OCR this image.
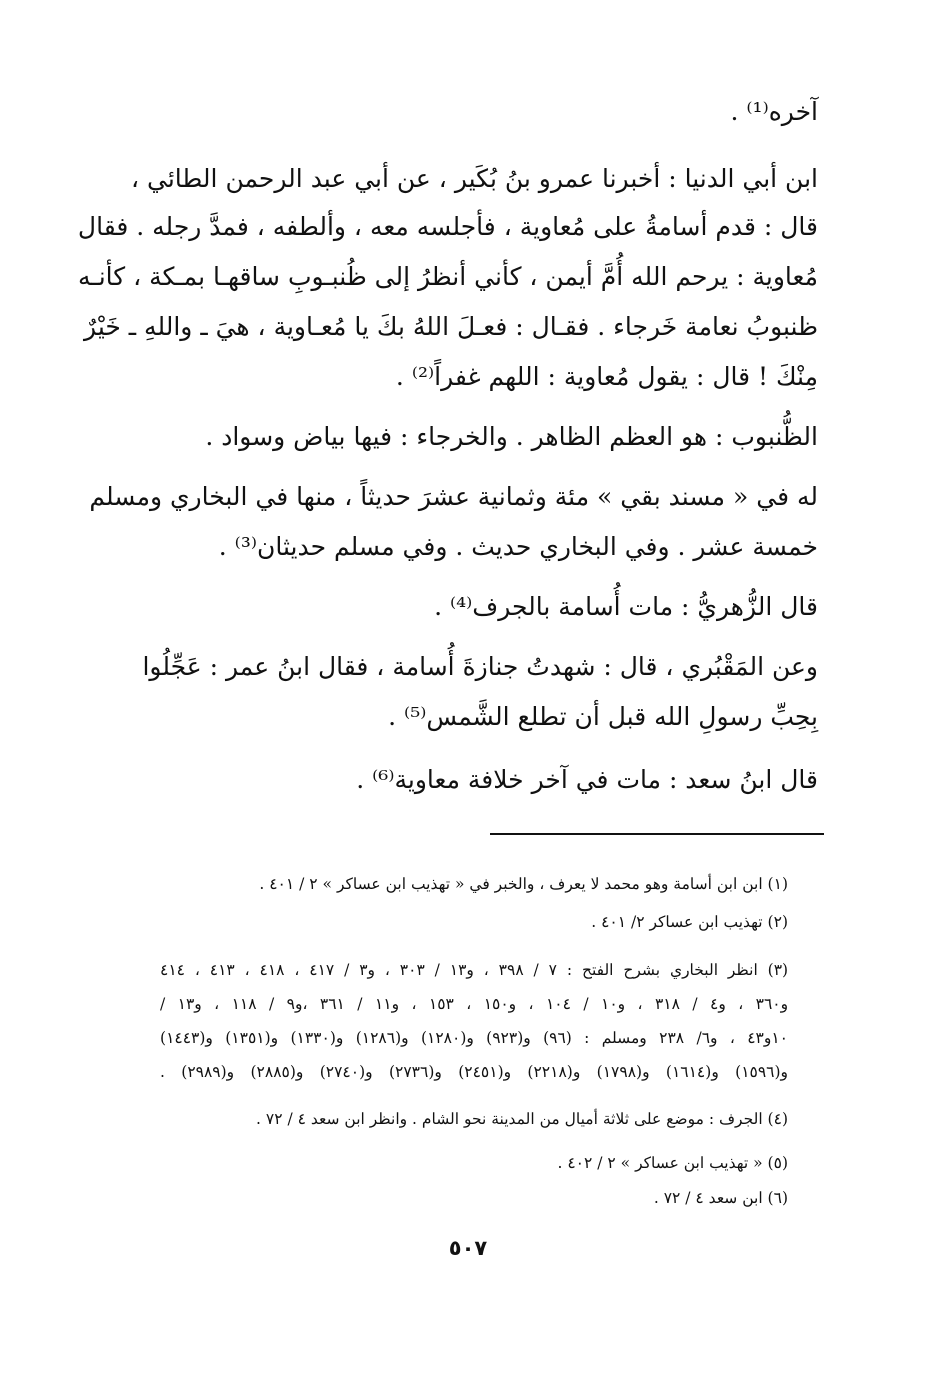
آخره⁽¹⁾ .
ابن أبي الدنيا : أخبرنا عمرو بنُ بُكَير ، عن أبي عبد الرحمن الطائي ،
قال : قدم أسامةُ على مُعاوية ، فأجلسه معه ، وألطفه ، فمدَّ رجله . فقال
مُعاوية : يرحم الله أُمَّ أيمن ، كأني أنظرُ إلى ظُنبـوبِ ساقهـا بمـكة ، كأنـه
ظنبوبُ نعامة خَرجاء . فقـال : فعـلَ اللهُ بكَ يا مُعـاوية ، هيَ ـ واللهِ ـ خَيْرٌ
مِنْكَ ! قال : يقول مُعاوية : اللهم غفراً⁽²⁾ .
الظُّنبوب : هو العظم الظاهر . والخرجاء : فيها بياض وسواد .
له في « مسند بقي » مئة وثمانية عشرَ حديثاً ، منها في البخاري ومسلم
خمسة عشر . وفي البخاري حديث . وفي مسلم حديثان⁽³⁾ .
قال الزُّهريُّ : مات أُسامة بالجرف⁽⁴⁾ .
وعن المَقْبُري ، قال : شهدتُ جنازةَ أُسامة ، فقال ابنُ عمر : عَجِّلُوا
بِحِبِّ رسولِ الله قبل أن تطلع الشَّمس⁽⁵⁾ .
قال ابنُ سعد : مات في آخر خلافة معاوية⁽⁶⁾ .
(١) ابن ابن أسامة وهو محمد لا يعرف ، والخبر في « تهذيب ابن عساكر » ٢ / ٤٠١ .
(٢) تهذيب ابن عساكر ٢/ ٤٠١ .
(٣) انظر البخاري بشرح الفتح : ٧ / ٣٩٨ ، و١٣ / ٣٠٣ ، و٣ / ٤١٧ ، ٤١٨ ، ٤١٣ ، ٤١٤
و٣٦٠ ، و٤ / ٣١٨ ، و١٠ / ١٠٤ ، و١٥٠ ، ١٥٣ ، و١١ / ٣٦١ ،و٩ / ١١٨ ، و١٣ /
١٠و٤٣ ، و٦/ ٢٣٨ ومسلم : (٩٦) و(٩٢٣) و(١٢٨٠) و(١٢٨٦) و(١٣٣٠) و(١٣٥١) و(١٤٤٣)
و(١٥٩٦) و(١٦١٤) و(١٧٩٨) و(٢٢١٨) و(٢٤٥١) و(٢٧٣٦) و(٢٧٤٠) و(٢٨٨٥) و(٢٩٨٩) .
(٤) الجرف : موضع على ثلاثة أميال من المدينة نحو الشام . وانظر ابن سعد ٤ / ٧٢ .
(٥) « تهذيب ابن عساكر » ٢ / ٤٠٢ .
(٦) ابن سعد ٤ / ٧٢ .
٥٠٧
